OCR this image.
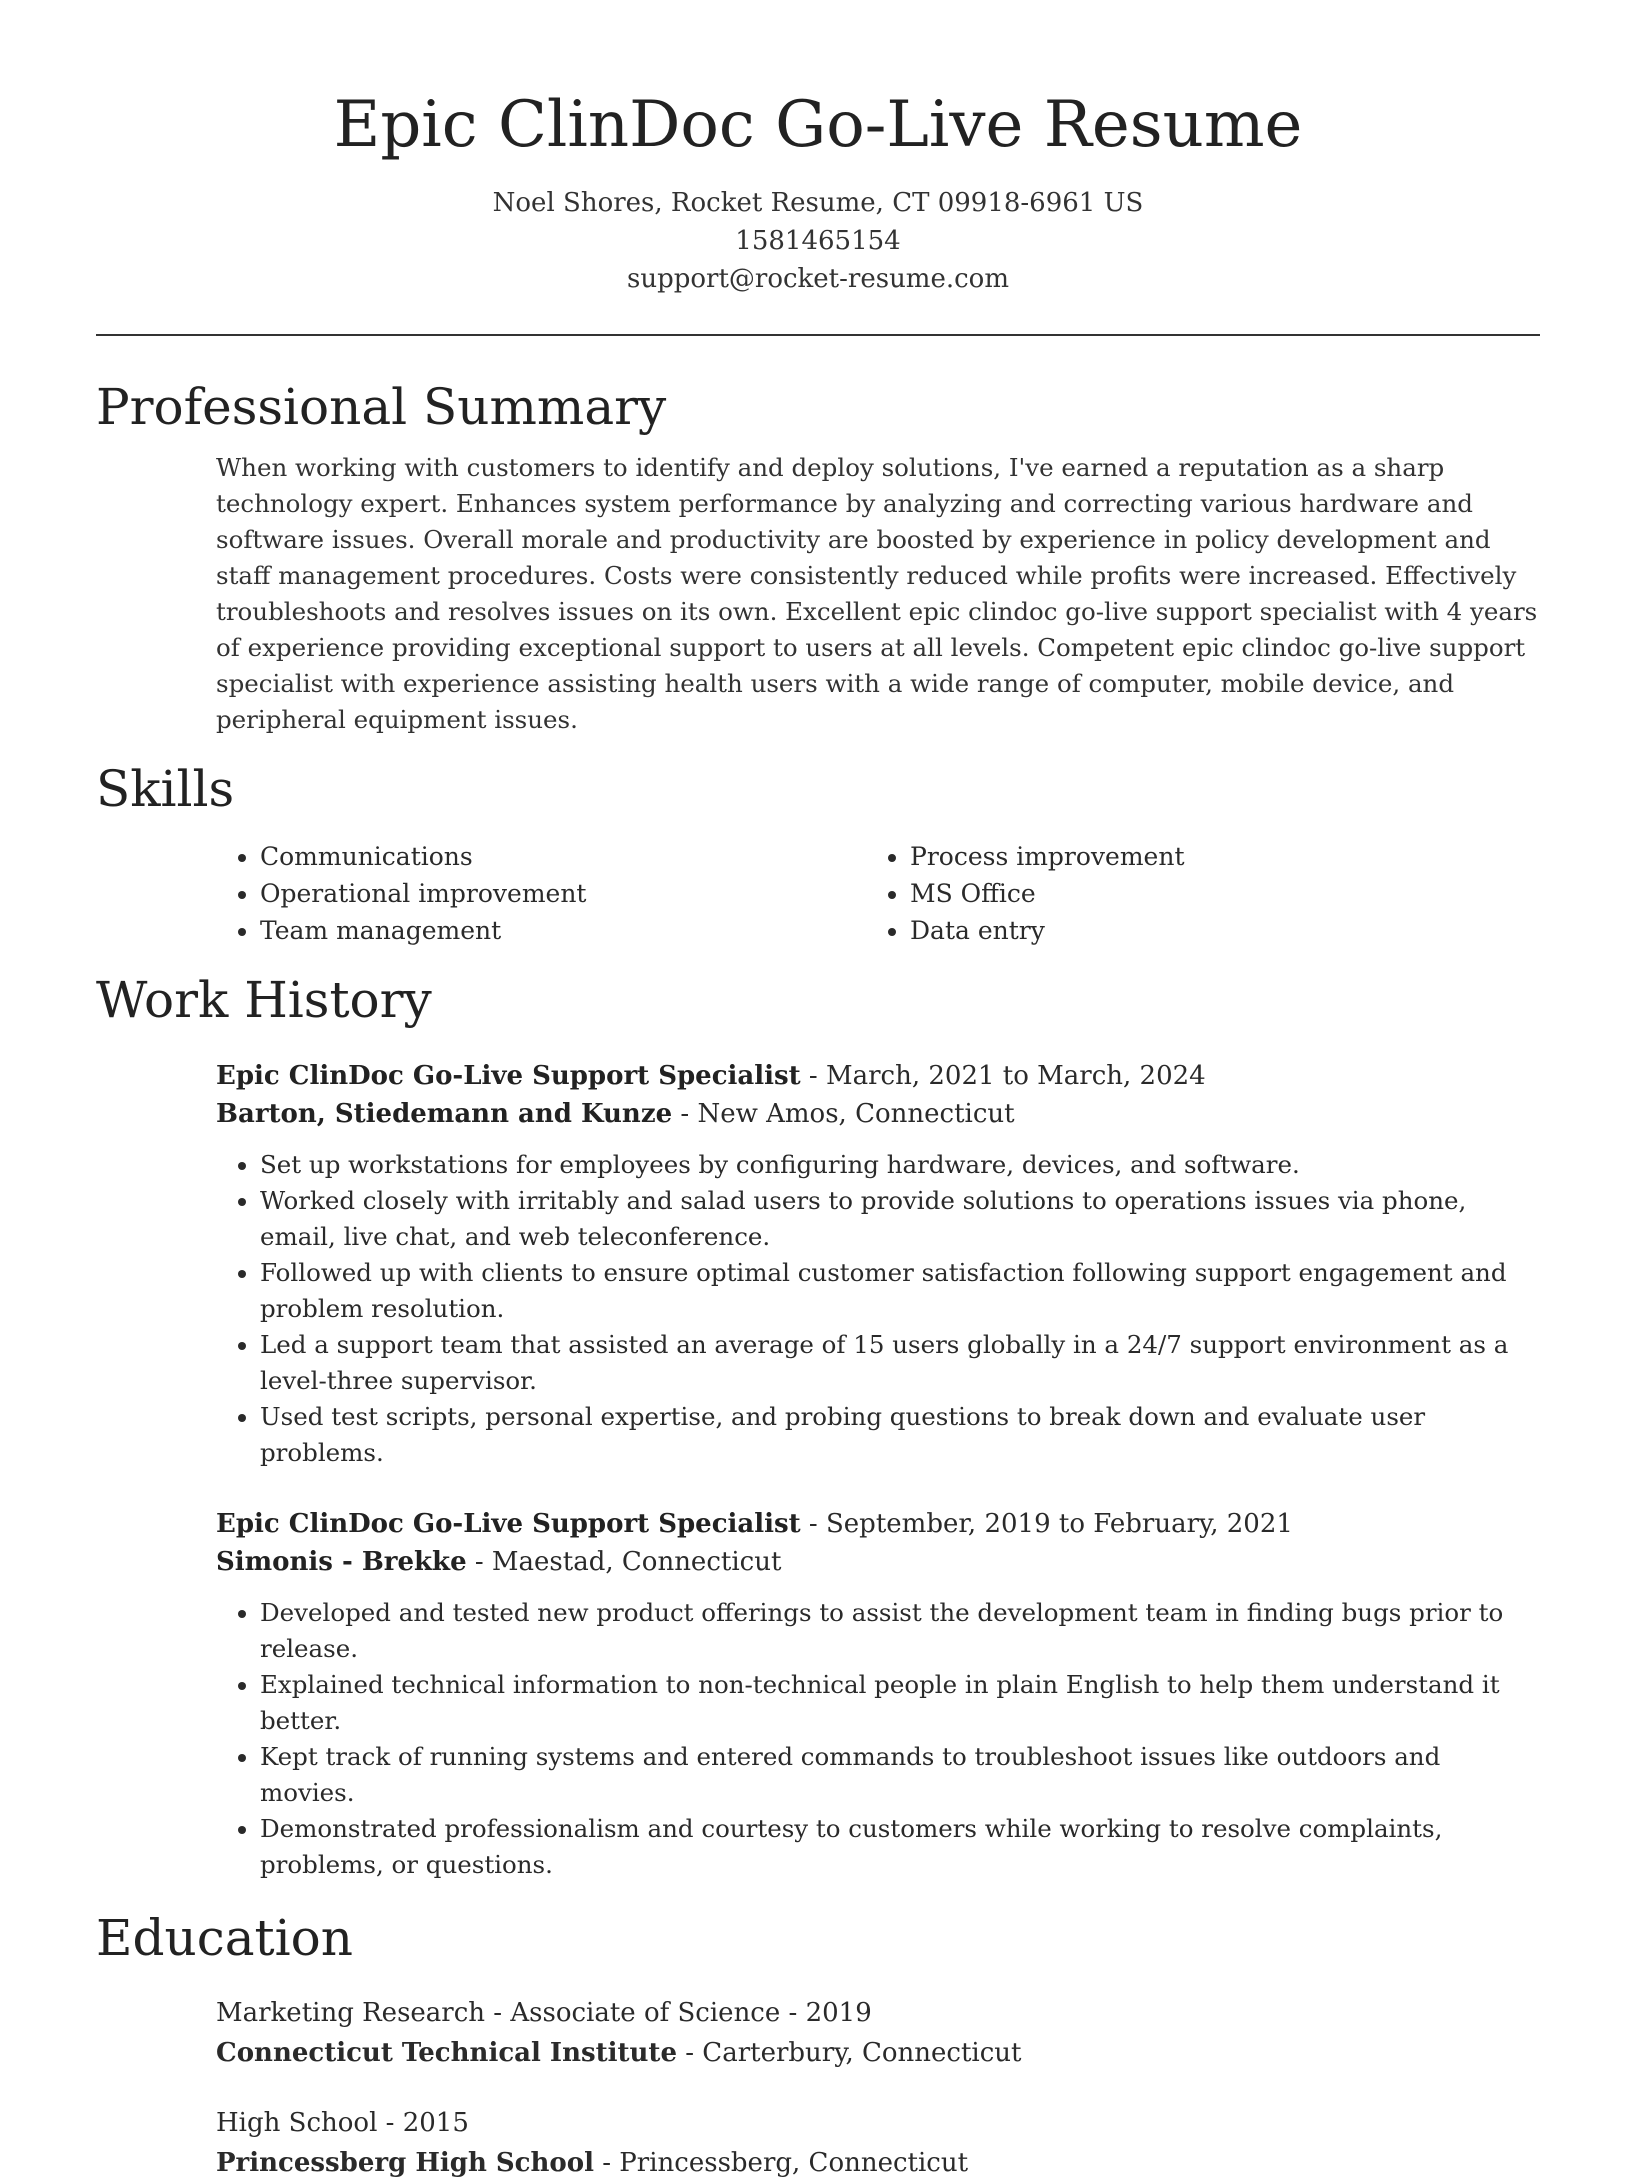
Epic ClinDoc Go-Live Resume
Noel Shores, Rocket Resume, CT 09918-6961 US
1581465154
support@rocket-resume.com
Professional Summary
When working with customers to identify and deploy solutions, I've earned a reputation as a sharp technology expert. Enhances system performance by analyzing and correcting various hardware and software issues. Overall morale and productivity are boosted by experience in policy development and staff management procedures. Costs were consistently reduced while profits were increased. Effectively troubleshoots and resolves issues on its own. Excellent epic clindoc go-live support specialist with 4 years of experience providing exceptional support to users at all levels. Competent epic clindoc go-live support specialist with experience assisting health users with a wide range of computer, mobile device, and peripheral equipment issues.
Skills
• Communications
• Operational improvement
• Team management
• Process improvement
• MS Office
• Data entry
Work History
Epic ClinDoc Go-Live Support Specialist - March, 2021 to March, 2024
Barton, Stiedemann and Kunze - New Amos, Connecticut
• Set up workstations for employees by configuring hardware, devices, and software.
• Worked closely with irritably and salad users to provide solutions to operations issues via phone, email, live chat, and web teleconference.
• Followed up with clients to ensure optimal customer satisfaction following support engagement and problem resolution.
• Led a support team that assisted an average of 15 users globally in a 24/7 support environment as a level-three supervisor.
• Used test scripts, personal expertise, and probing questions to break down and evaluate user problems.
Epic ClinDoc Go-Live Support Specialist - September, 2019 to February, 2021
Simonis - Brekke - Maestad, Connecticut
• Developed and tested new product offerings to assist the development team in finding bugs prior to release.
• Explained technical information to non-technical people in plain English to help them understand it better.
• Kept track of running systems and entered commands to troubleshoot issues like outdoors and movies.
• Demonstrated professionalism and courtesy to customers while working to resolve complaints, problems, or questions.
Education
Marketing Research - Associate of Science - 2019
Connecticut Technical Institute - Carterbury, Connecticut
High School - 2015
Princessberg High School - Princessberg, Connecticut
